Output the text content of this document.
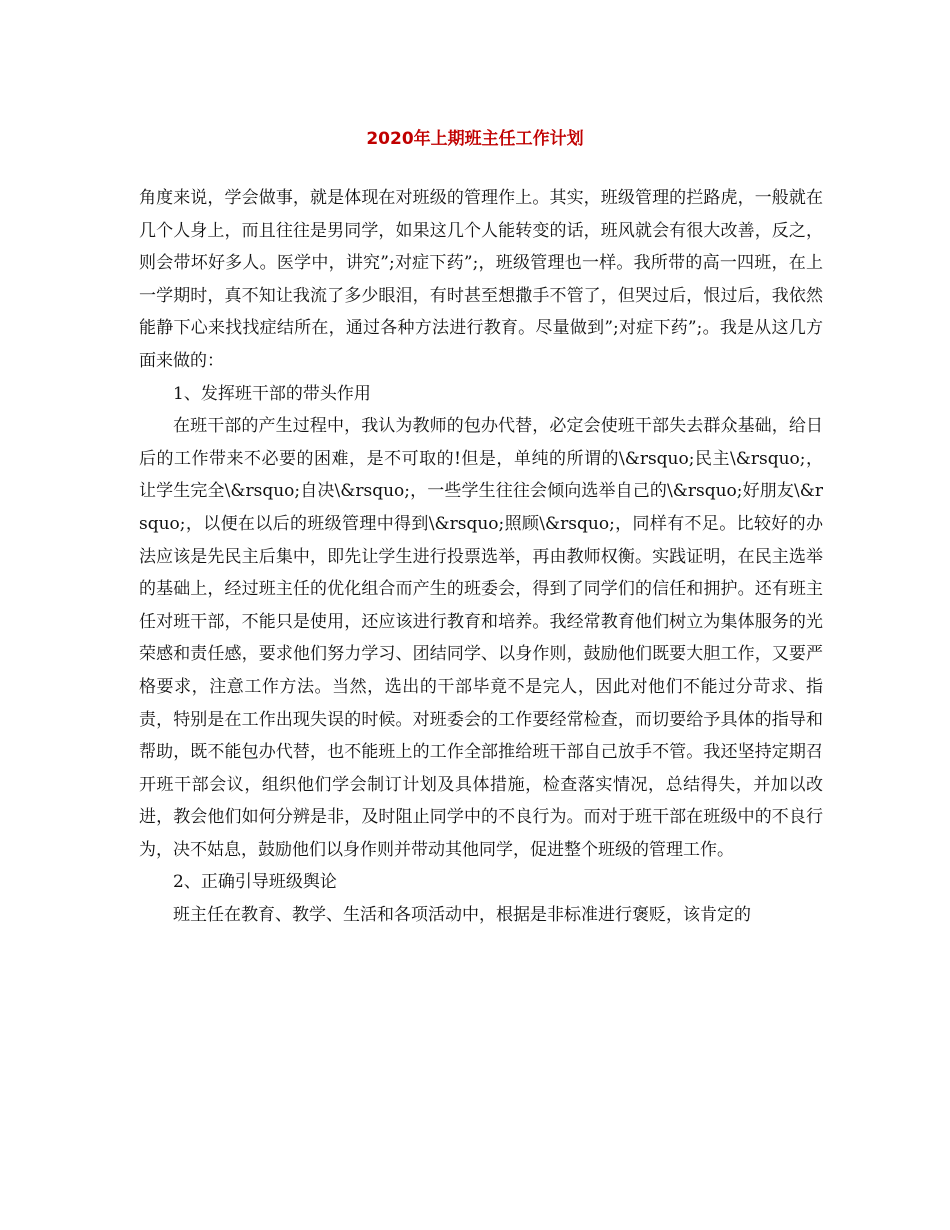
2020年上期班主任工作计划

角度来说，学会做事，就是体现在对班级的管理作上。其实，班级管理的拦路虎，一般就在几个人身上，而且往往是男同学，如果这几个人能转变的话，班风就会有很大改善，反之，则会带坏好多人。医学中，讲究”;对症下药”;，班级管理也一样。我所带的高一四班，在上一学期时，真不知让我流了多少眼泪，有时甚至想撒手不管了，但哭过后，恨过后，我依然能静下心来找找症结所在，通过各种方法进行教育。尽量做到”;对症下药”;。我是从这几方面来做的：

1、发挥班干部的带头作用

在班干部的产生过程中，我认为教师的包办代替，必定会使班干部失去群众基础，给日后的工作带来不必要的困难，是不可取的!但是，单纯的所谓的\&rsquo;民主\&rsquo;，让学生完全\&rsquo;自决\&rsquo;，一些学生往往会倾向选举自己的\&rsquo;好朋友\&rsquo;，以便在以后的班级管理中得到\&rsquo;照顾\&rsquo;，同样有不足。比较好的办法应该是先民主后集中，即先让学生进行投票选举，再由教师权衡。实践证明，在民主选举的基础上，经过班主任的优化组合而产生的班委会，得到了同学们的信任和拥护。还有班主任对班干部，不能只是使用，还应该进行教育和培养。我经常教育他们树立为集体服务的光荣感和责任感，要求他们努力学习、团结同学、以身作则，鼓励他们既要大胆工作，又要严格要求，注意工作方法。当然，选出的干部毕竟不是完人，因此对他们不能过分苛求、指责，特别是在工作出现失误的时候。对班委会的工作要经常检查，而切要给予具体的指导和帮助，既不能包办代替，也不能班上的工作全部推给班干部自己放手不管。我还坚持定期召开班干部会议，组织他们学会制订计划及具体措施，检查落实情况，总结得失，并加以改进，教会他们如何分辨是非，及时阻止同学中的不良行为。而对于班干部在班级中的不良行为，决不姑息，鼓励他们以身作则并带动其他同学，促进整个班级的管理工作。

2、正确引导班级舆论

班主任在教育、教学、生活和各项活动中，根据是非标准进行褒贬，该肯定的
